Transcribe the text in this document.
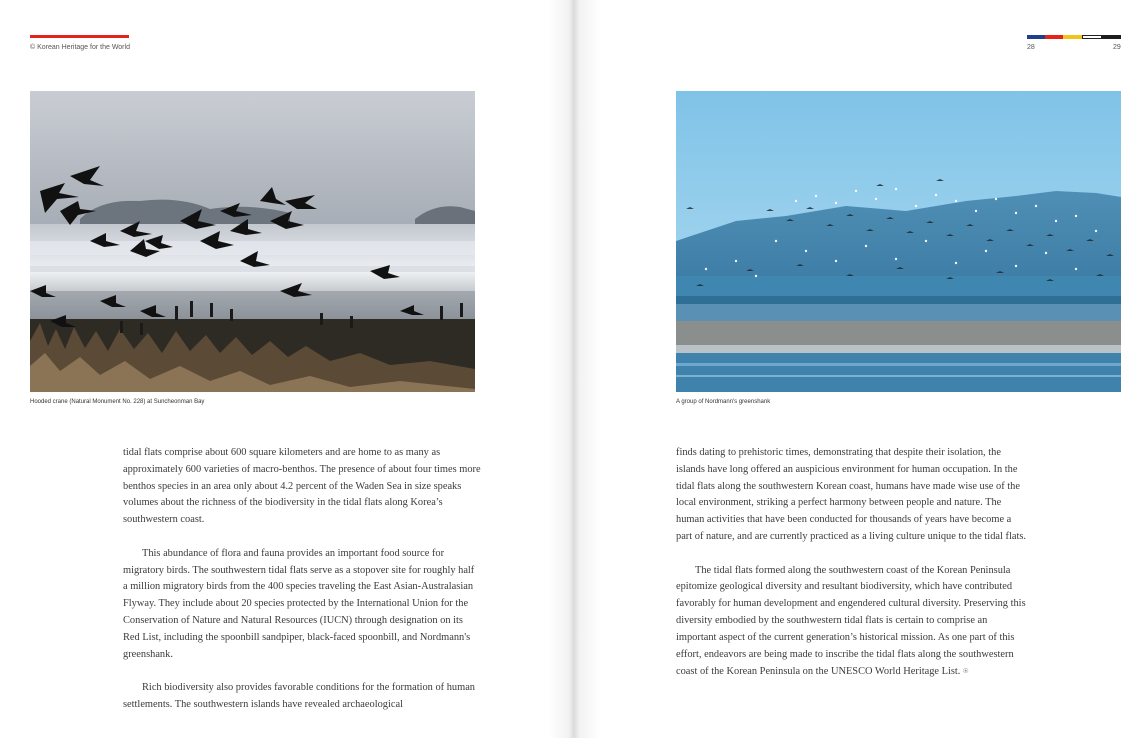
© Korean Heritage for the World	28	29
Hooded crane (Natural Monument No. 228) at Suncheonman Bay	A group of Nordmann's greenshank

tidal flats comprise about 600 square kilometers and are home to as many as approximately 600 varieties of macro-benthos. The presence of about four times more benthos species in an area only about 4.2 percent of the Waden Sea in size speaks volumes about the richness of the biodiversity in the tidal flats along Korea’s southwestern coast.

This abundance of flora and fauna provides an important food source for migratory birds. The southwestern tidal flats serve as a stopover site for roughly half a million migratory birds from the 400 species traveling the East Asian-Australasian Flyway. They include about 20 species protected by the International Union for the Conservation of Nature and Natural Resources (IUCN) through designation on its Red List, including the spoonbill sandpiper, black-faced spoonbill, and Nordmann's greenshank.

Rich biodiversity also provides favorable conditions for the formation of human settlements. The southwestern islands have revealed archaeological

finds dating to prehistoric times, demonstrating that despite their isolation, the islands have long offered an auspicious environment for human occupation. In the tidal flats along the southwestern Korean coast, humans have made wise use of the local environment, striking a perfect harmony between people and nature. The human activities that have been conducted for thousands of years have become a part of nature, and are currently practiced as a living culture unique to the tidal flats.

The tidal flats formed along the southwestern coast of the Korean Peninsula epitomize geological diversity and resultant biodiversity, which have contributed favorably for human development and engendered cultural diversity. Preserving this diversity embodied by the southwestern tidal flats is certain to comprise an important aspect of the current generation’s historical mission. As one part of this effort, endeavors are being made to inscribe the tidal flats along the southwestern coast of the Korean Peninsula on the UNESCO World Heritage List. ⍟
